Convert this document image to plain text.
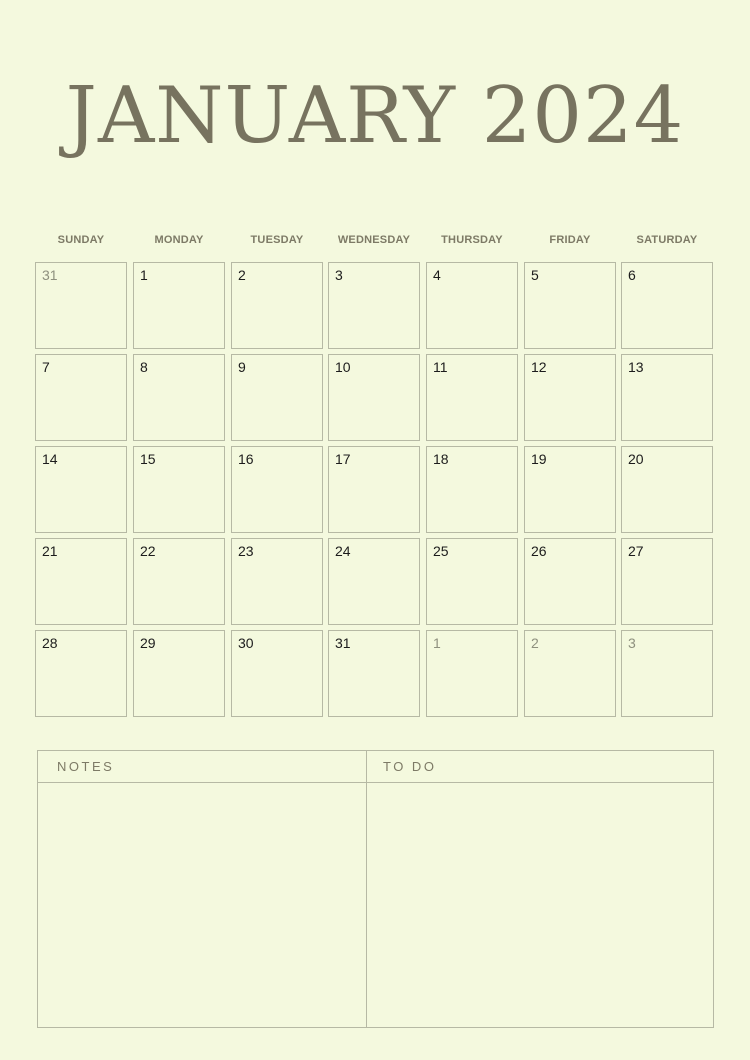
JANUARY 2024
SUNDAY	MONDAY	TUESDAY	WEDNESDAY	THURSDAY	FRIDAY	SATURDAY
31	1	2	3	4	5	6
7	8	9	10	11	12	13
14	15	16	17	18	19	20
21	22	23	24	25	26	27
28	29	30	31	1	2	3
NOTES	TO DO
